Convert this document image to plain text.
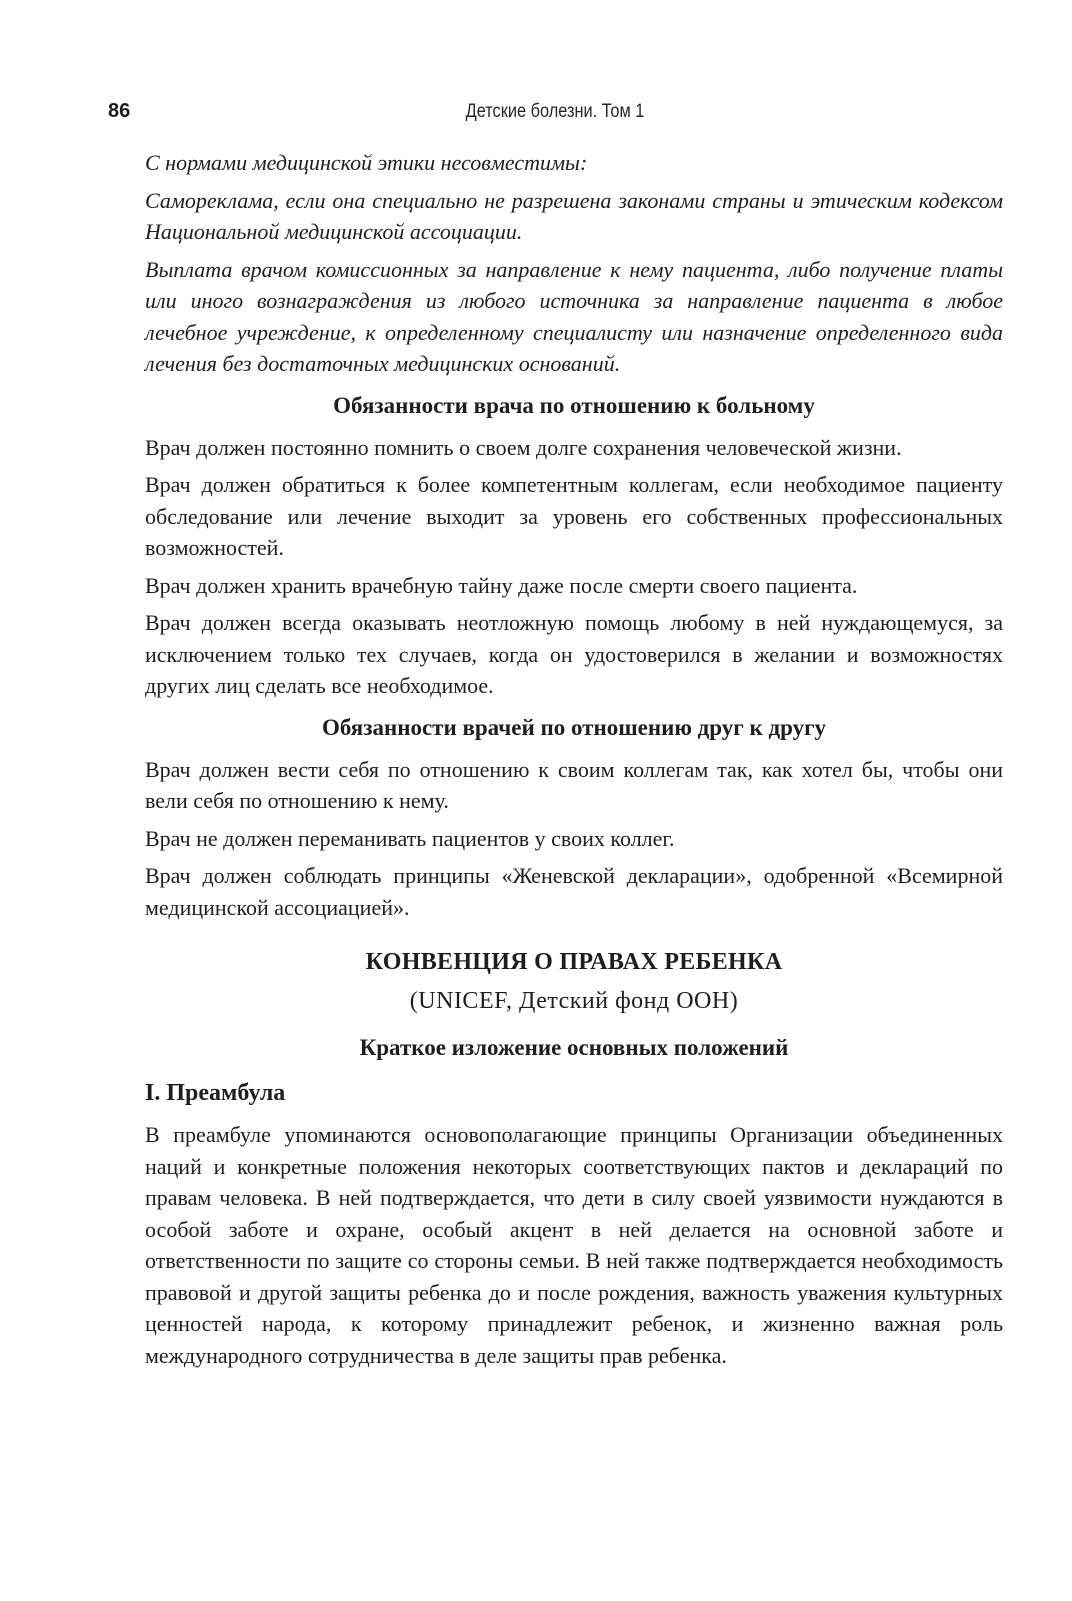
86	Детские болезни. Том 1

С нормами медицинской этики несовместимы:

Самореклама, если она специально не разрешена законами страны и этическим кодексом Национальной медицинской ассоциации.

Выплата врачом комиссионных за направление к нему пациента, либо получение платы или иного вознаграждения из любого источника за направление пациента в любое лечебное учреждение, к определенному специалисту или назначение определенного вида лечения без достаточных медицинских оснований.

Обязанности врача по отношению к больному

Врач должен постоянно помнить о своем долге сохранения человеческой жизни.

Врач должен обратиться к более компетентным коллегам, если необходимое пациенту обследование или лечение выходит за уровень его собственных профессиональных возможностей.

Врач должен хранить врачебную тайну даже после смерти своего пациента.

Врач должен всегда оказывать неотложную помощь любому в ней нуждающемуся, за исключением только тех случаев, когда он удостоверился в желании и возможностях других лиц сделать все необходимое.

Обязанности врачей по отношению друг к другу

Врач должен вести себя по отношению к своим коллегам так, как хотел бы, чтобы они вели себя по отношению к нему.

Врач не должен переманивать пациентов у своих коллег.

Врач должен соблюдать принципы «Женевской декларации», одобренной «Всемирной медицинской ассоциацией».

КОНВЕНЦИЯ О ПРАВАХ РЕБЕНКА
(UNICEF, Детский фонд ООН)
Краткое изложение основных положений
I. Преамбула

В преамбуле упоминаются основополагающие принципы Организации объединенных наций и конкретные положения некоторых соответствующих пактов и деклараций по правам человека. В ней подтверждается, что дети в силу своей уязвимости нуждаются в особой заботе и охране, особый акцент в ней делается на основной заботе и ответственности по защите со стороны семьи. В ней также подтверждается необходимость правовой и другой защиты ребенка до и после рождения, важность уважения культурных ценностей народа, к которому принадлежит ребенок, и жизненно важная роль международного сотрудничества в деле защиты прав ребенка.
